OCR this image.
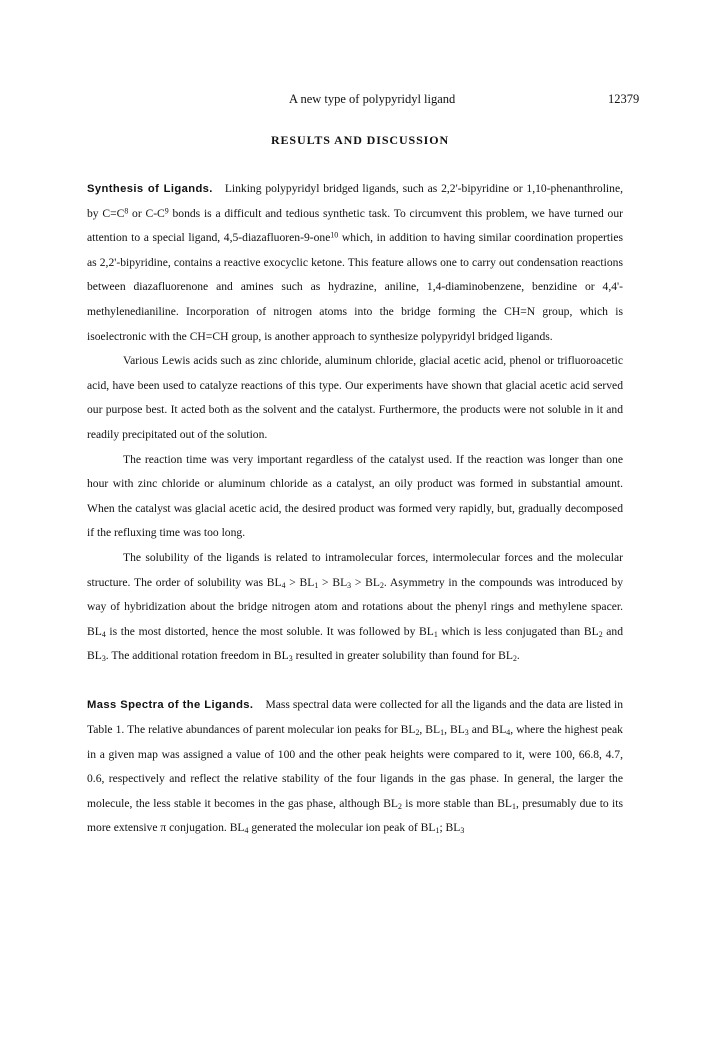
A new type of polypyridyl ligand	12379
RESULTS AND DISCUSSION

Synthesis of Ligands. Linking polypyridyl bridged ligands, such as 2,2'-bipyridine or 1,10-phenanthroline, by $C=C^8$ or $C-C^9$ bonds is a difficult and tedious synthetic task. To circumvent this problem, we have turned our attention to a special ligand, 4,5-diazafluoren-9-one$^{10}$ which, in addition to having similar coordination properties as 2,2'-bipyridine, contains a reactive exocyclic ketone. This feature allows one to carry out condensation reactions between diazafluorenone and amines such as hydrazine, aniline, 1,4-diaminobenzene, benzidine or 4,4'-methylenedianiline. Incorporation of nitrogen atoms into the bridge forming the CH=N group, which is isoelectronic with the CH=CH group, is another approach to synthesize polypyridyl bridged ligands.

Various Lewis acids such as zinc chloride, aluminum chloride, glacial acetic acid, phenol or trifluoroacetic acid, have been used to catalyze reactions of this type. Our experiments have shown that glacial acetic acid served our purpose best. It acted both as the solvent and the catalyst. Furthermore, the products were not soluble in it and readily precipitated out of the solution.

The reaction time was very important regardless of the catalyst used. If the reaction was longer than one hour with zinc chloride or aluminum chloride as a catalyst, an oily product was formed in substantial amount. When the catalyst was glacial acetic acid, the desired product was formed very rapidly, but, gradually decomposed if the refluxing time was too long.

The solubility of the ligands is related to intramolecular forces, intermolecular forces and the molecular structure. The order of solubility was $BL_4 > BL_1 > BL_3 > BL_2$. Asymmetry in the compounds was introduced by way of hybridization about the bridge nitrogen atom and rotations about the phenyl rings and methylene spacer. $BL_4$ is the most distorted, hence the most soluble. It was followed by $BL_1$ which is less conjugated than $BL_2$ and $BL_3$. The additional rotation freedom in $BL_3$ resulted in greater solubility than found for $BL_2$.

Mass Spectra of the Ligands. Mass spectral data were collected for all the ligands and the data are listed in Table 1. The relative abundances of parent molecular ion peaks for $BL_2$, $BL_1$, $BL_3$ and $BL_4$, where the highest peak in a given map was assigned a value of 100 and the other peak heights were compared to it, were 100, 66.8, 4.7, 0.6, respectively and reflect the relative stability of the four ligands in the gas phase. In general, the larger the molecule, the less stable it becomes in the gas phase, although $BL_2$ is more stable than $BL_1$, presumably due to its more extensive π conjugation. $BL_4$ generated the molecular ion peak of $BL_1$; $BL_3$
